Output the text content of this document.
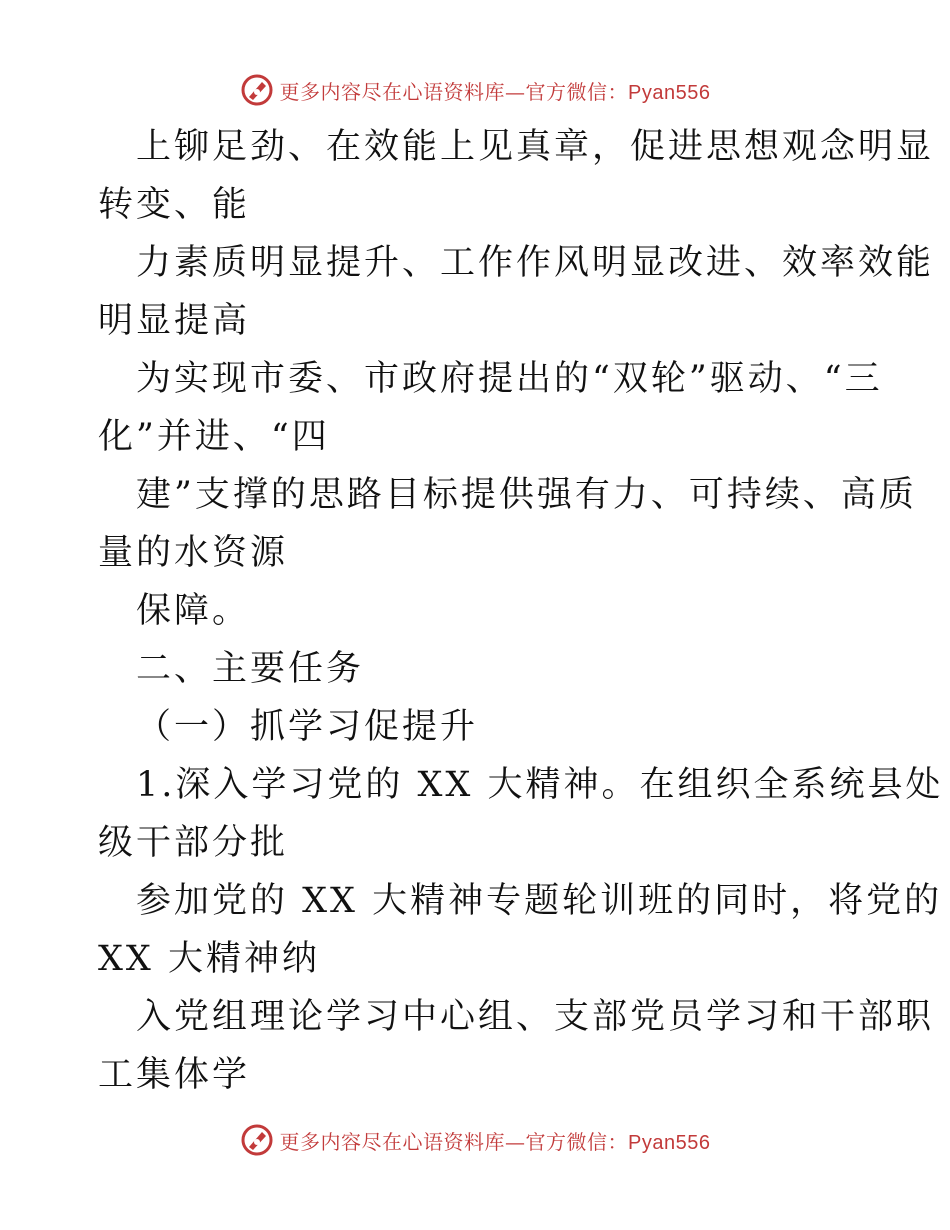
更多内容尽在心语资料库—官方微信：Pyan556
上铆足劲、在效能上见真章，促进思想观念明显
转变、能
力素质明显提升、工作作风明显改进、效率效能
明显提高
为实现市委、市政府提出的“双轮”驱动、“三
化”并进、“四
建”支撑的思路目标提供强有力、可持续、高质
量的水资源
保障。
二、主要任务
（一）抓学习促提升
1.深入学习党的 XX 大精神。在组织全系统县处
级干部分批
参加党的 XX 大精神专题轮训班的同时，将党的
XX 大精神纳
入党组理论学习中心组、支部党员学习和干部职
工集体学
更多内容尽在心语资料库—官方微信：Pyan556
